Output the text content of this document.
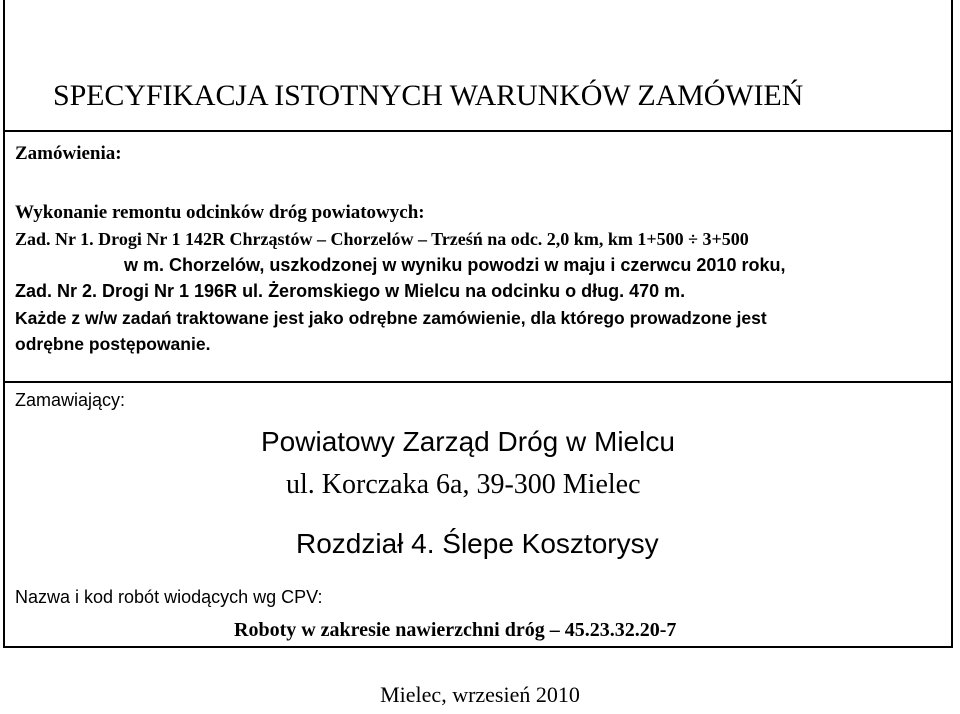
SPECYFIKACJA ISTOTNYCH WARUNKÓW ZAMÓWIEŃ
Zamówienia:
Wykonanie remontu odcinków dróg powiatowych:
Zad. Nr 1. Drogi Nr 1 142R Chrząstów – Chorzelów – Trześń na odc. 2,0 km, km 1+500 ÷ 3+500
w m. Chorzelów, uszkodzonej w wyniku powodzi w maju i czerwcu 2010 roku,
Zad. Nr 2. Drogi Nr 1 196R ul. Żeromskiego w Mielcu na odcinku o dług. 470 m.
Każde z w/w zadań traktowane jest jako odrębne zamówienie, dla którego prowadzone jest
odrębne postępowanie.
Zamawiający:
Powiatowy Zarząd Dróg w Mielcu
ul. Korczaka 6a, 39-300 Mielec
Rozdział 4. Ślepe Kosztorysy
Nazwa i kod robót wiodących wg CPV:
Roboty w zakresie nawierzchni dróg – 45.23.32.20-7
Mielec, wrzesień 2010
